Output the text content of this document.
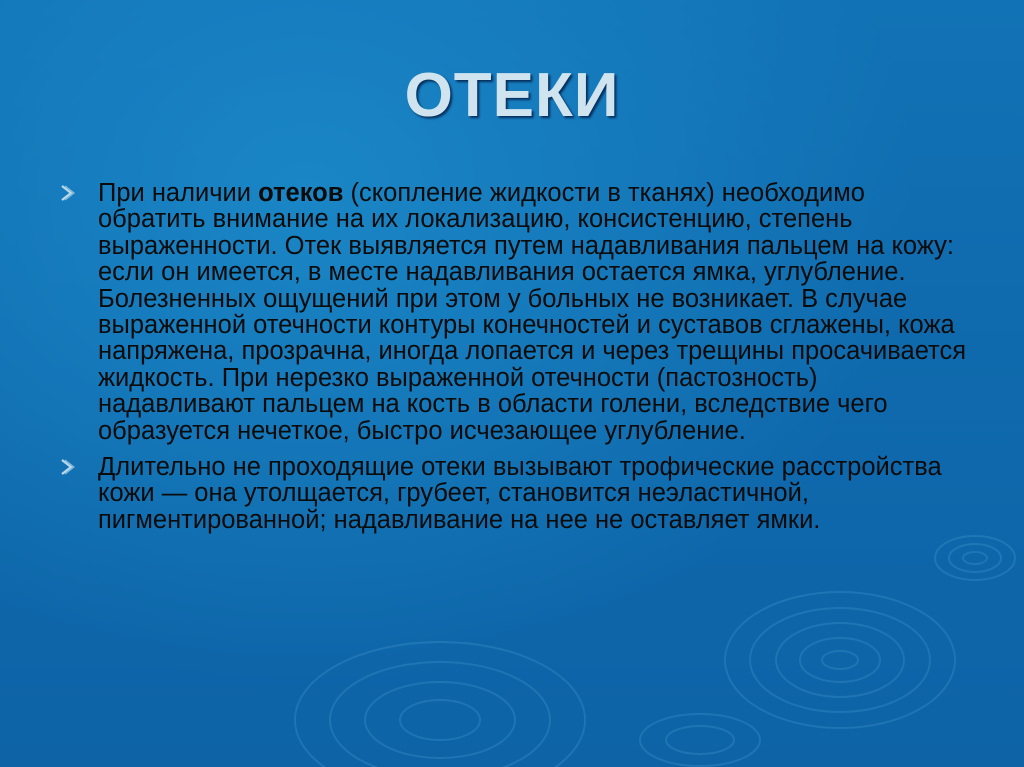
ОТЕКИ

При наличии отеков (скопление жидкости в тканях) необходимо обратить внимание на их локализацию, консистенцию, степень выраженности. Отек выявляется путем надавливания пальцем на кожу: если он имеется, в месте надавливания остается ямка, углубление. Болезненных ощущений при этом у больных не возникает. В случае выраженной отечности контуры конечностей и суставов сглажены, кожа напряжена, прозрачна, иногда лопается и через трещины просачивается жидкость. При нерезко выраженной отечности (пастозность) надавливают пальцем на кость в области голени, вследствие чего образуется нечеткое, быстро исчезающее углубление.

Длительно не проходящие отеки вызывают трофические расстройства кожи — она утолщается, грубеет, становится неэластичной, пигментированной; надавливание на нее не оставляет ямки.
